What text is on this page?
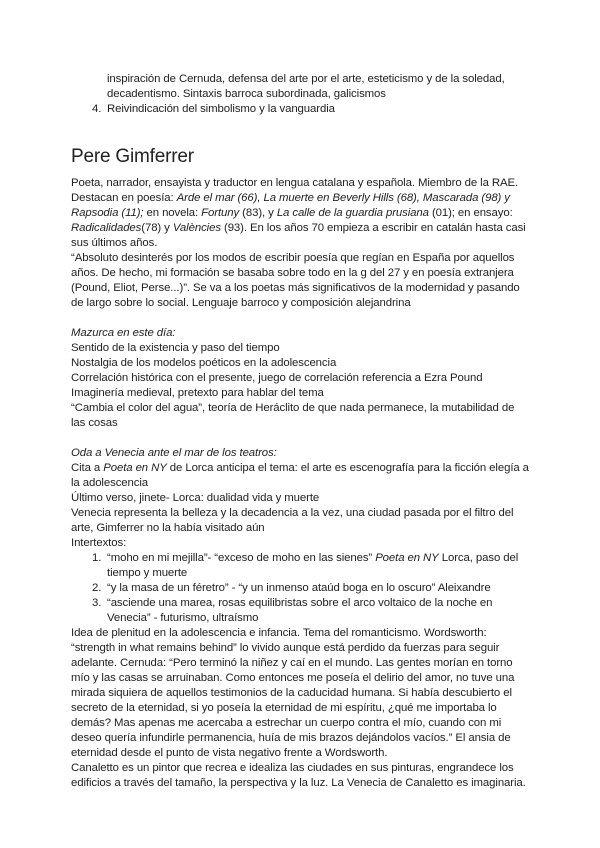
inspiración de Cernuda, defensa del arte por el arte, esteticismo y de la soledad,
decadentismo. Sintaxis barroca subordinada, galicismos
4. Reivindicación del simbolismo y la vanguardia
Pere Gimferrer

Poeta, narrador, ensayista y traductor en lengua catalana y española. Miembro de la RAE. Destacan en poesía: Arde el mar (66), La muerte en Beverly Hills (68), Mascarada (98) y Rapsodia (11); en novela: Fortuny (83), y La calle de la guardia prusiana (01); en ensayo: Radicalidades(78) y Valències (93). En los años 70 empieza a escribir en catalán hasta casi sus últimos años.

“Absoluto desinterés por los modos de escribir poesía que regían en España por aquellos años. De hecho, mi formación se basaba sobre todo en la g del 27 y en poesía extranjera (Pound, Eliot, Perse...)”. Se va a los poetas más significativos de la modernidad y pasando de largo sobre lo social. Lenguaje barroco y composición alejandrina

Mazurca en este día:

Sentido de la existencia y paso del tiempo

Nostalgia de los modelos poéticos en la adolescencia

Correlación histórica con el presente, juego de correlación referencia a Ezra Pound

Imaginería medieval, pretexto para hablar del tema

“Cambia el color del agua”, teoría de Heráclito de que nada permanece, la mutabilidad de las cosas

Oda a Venecia ante el mar de los teatros:

Cita a Poeta en NY de Lorca anticipa el tema: el arte es escenografía para la ficción elegía a la adolescencia

Último verso, jinete- Lorca: dualidad vida y muerte

Venecia representa la belleza y la decadencia a la vez, una ciudad pasada por el filtro del arte, Gimferrer no la había visitado aún

Intertextos:

1. “moho en mi mejilla”- “exceso de moho en las sienes” Poeta en NY Lorca, paso del tiempo y muerte
2. “y la masa de un féretro” - “y un inmenso ataúd boga en lo oscuro” Aleixandre
3. “asciende una marea, rosas equilibristas sobre el arco voltaico de la noche en Venecia” - futurismo, ultraísmo

Idea de plenitud en la adolescencia e infancia. Tema del romanticismo. Wordsworth: “strength in what remains behind” lo vivido aunque está perdido da fuerzas para seguir adelante. Cernuda: “Pero terminó la niñez y caí en el mundo. Las gentes morían en torno mío y las casas se arruinaban. Como entonces me poseía el delirio del amor, no tuve una mirada siquiera de aquellos testimonios de la caducidad humana. Si había descubierto el secreto de la eternidad, si yo poseía la eternidad de mi espíritu, ¿qué me importaba lo demás? Mas apenas me acercaba a estrechar un cuerpo contra el mío, cuando con mi deseo quería infundirle permanencia, huía de mis brazos dejándolos vacíos.” El ansia de eternidad desde el punto de vista negativo frente a Wordsworth.

Canaletto es un pintor que recrea e idealiza las ciudades en sus pinturas, engrandece los edificios a través del tamaño, la perspectiva y la luz. La Venecia de Canaletto es imaginaria.
